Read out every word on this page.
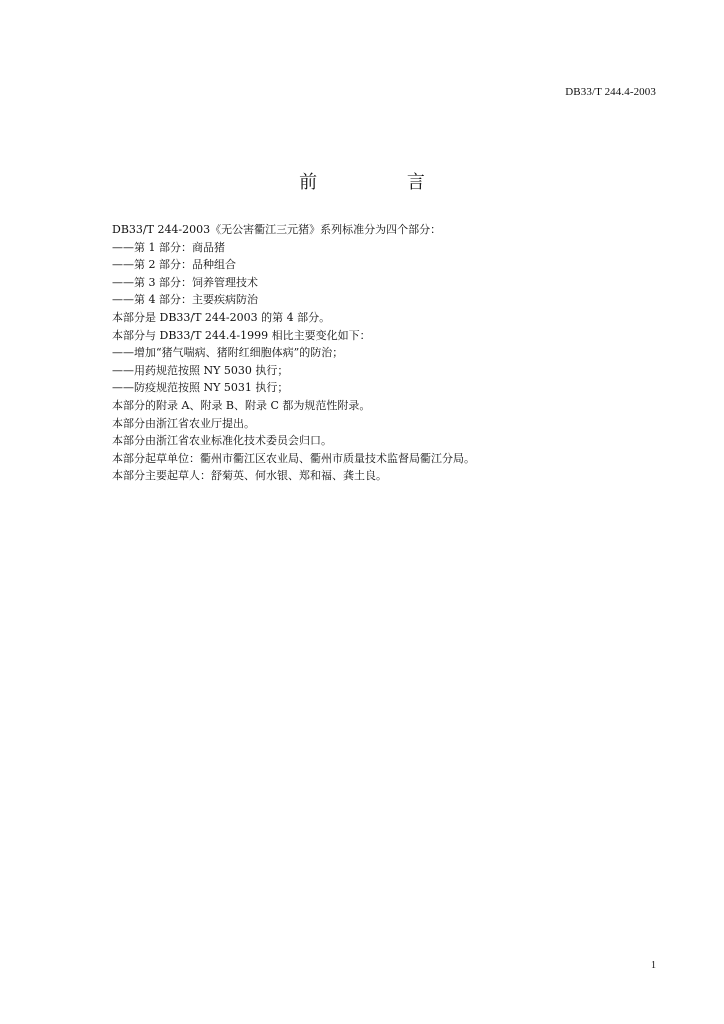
DB33/T 244.4-2003
前 言
DB33/T 244-2003《无公害衢江三元猪》系列标准分为四个部分：
——第 1 部分：商品猪
——第 2 部分：品种组合
——第 3 部分：饲养管理技术
——第 4 部分：主要疾病防治
本部分是 DB33/T 244-2003 的第 4 部分。
本部分与 DB33/T 244.4-1999 相比主要变化如下：
——增加“猪气喘病、猪附红细胞体病”的防治；
——用药规范按照 NY 5030 执行；
——防疫规范按照 NY 5031 执行；
本部分的附录 A、附录 B、附录 C 都为规范性附录。
本部分由浙江省农业厅提出。
本部分由浙江省农业标准化技术委员会归口。
本部分起草单位：衢州市衢江区农业局、衢州市质量技术监督局衢江分局。
本部分主要起草人：舒菊英、何水银、郑和福、龚土良。
1
